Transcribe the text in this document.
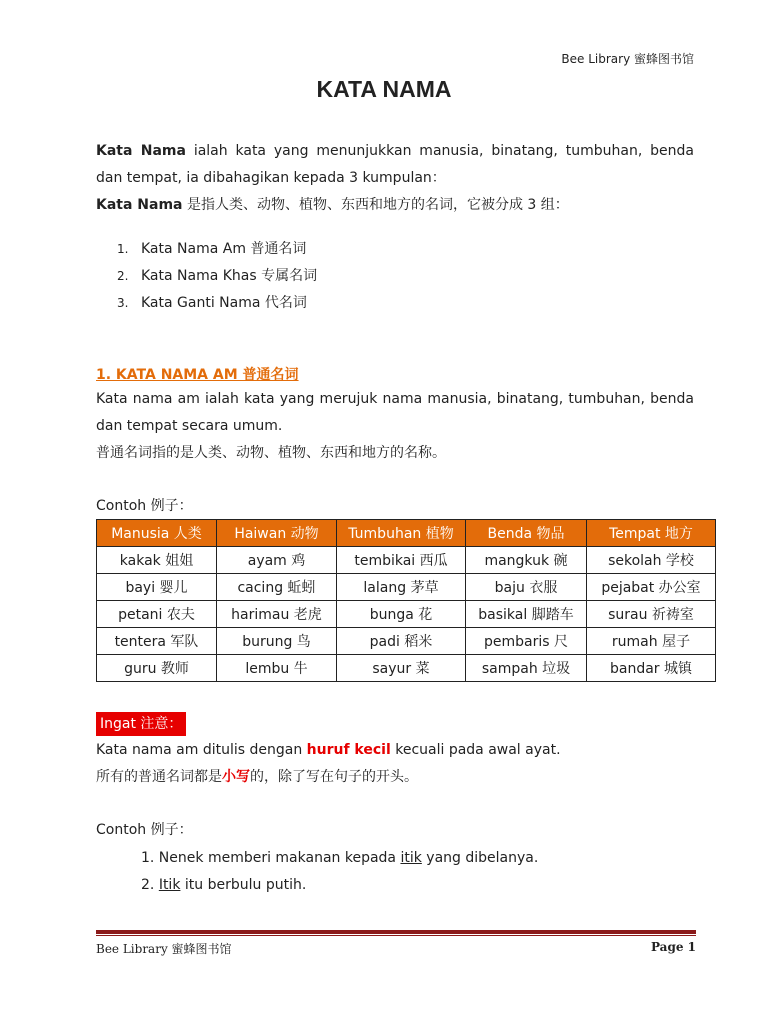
Bee Library 蜜蜂图书馆
KATA NAMA
Kata Nama ialah kata yang menunjukkan manusia, binatang, tumbuhan, benda
dan tempat, ia dibahagikan kepada 3 kumpulan：
Kata Nama 是指人类、动物、植物、东西和地方的名词，它被分成 3 组：
1. Kata Nama Am 普通名词
2. Kata Nama Khas 专属名词
3. Kata Ganti Nama 代名词
1. KATA NAMA AM 普通名词
Kata nama am ialah kata yang merujuk nama manusia, binatang, tumbuhan, benda
dan tempat secara umum.
普通名词指的是人类、动物、植物、东西和地方的名称。
Contoh 例子：
Manusia 人类	Haiwan 动物	Tumbuhan 植物	Benda 物品	Tempat 地方
kakak 姐姐	ayam 鸡	tembikai 西瓜	mangkuk 碗	sekolah 学校
bayi 婴儿	cacing 蚯蚓	lalang 茅草	baju 衣服	pejabat 办公室
petani 农夫	harimau 老虎	bunga 花	basikal 脚踏车	surau 祈祷室
tentera 军队	burung 鸟	padi 稻米	pembaris 尺	rumah 屋子
guru 教师	lembu 牛	sayur 菜	sampah 垃圾	bandar 城镇
Ingat 注意：
Kata nama am ditulis dengan huruf kecil kecuali pada awal ayat.
所有的普通名词都是小写的，除了写在句子的开头。
Contoh 例子：
1. Nenek memberi makanan kepada itik yang dibelanya.
2. Itik itu berbulu putih.
Bee Library 蜜蜂图书馆	Page 1
